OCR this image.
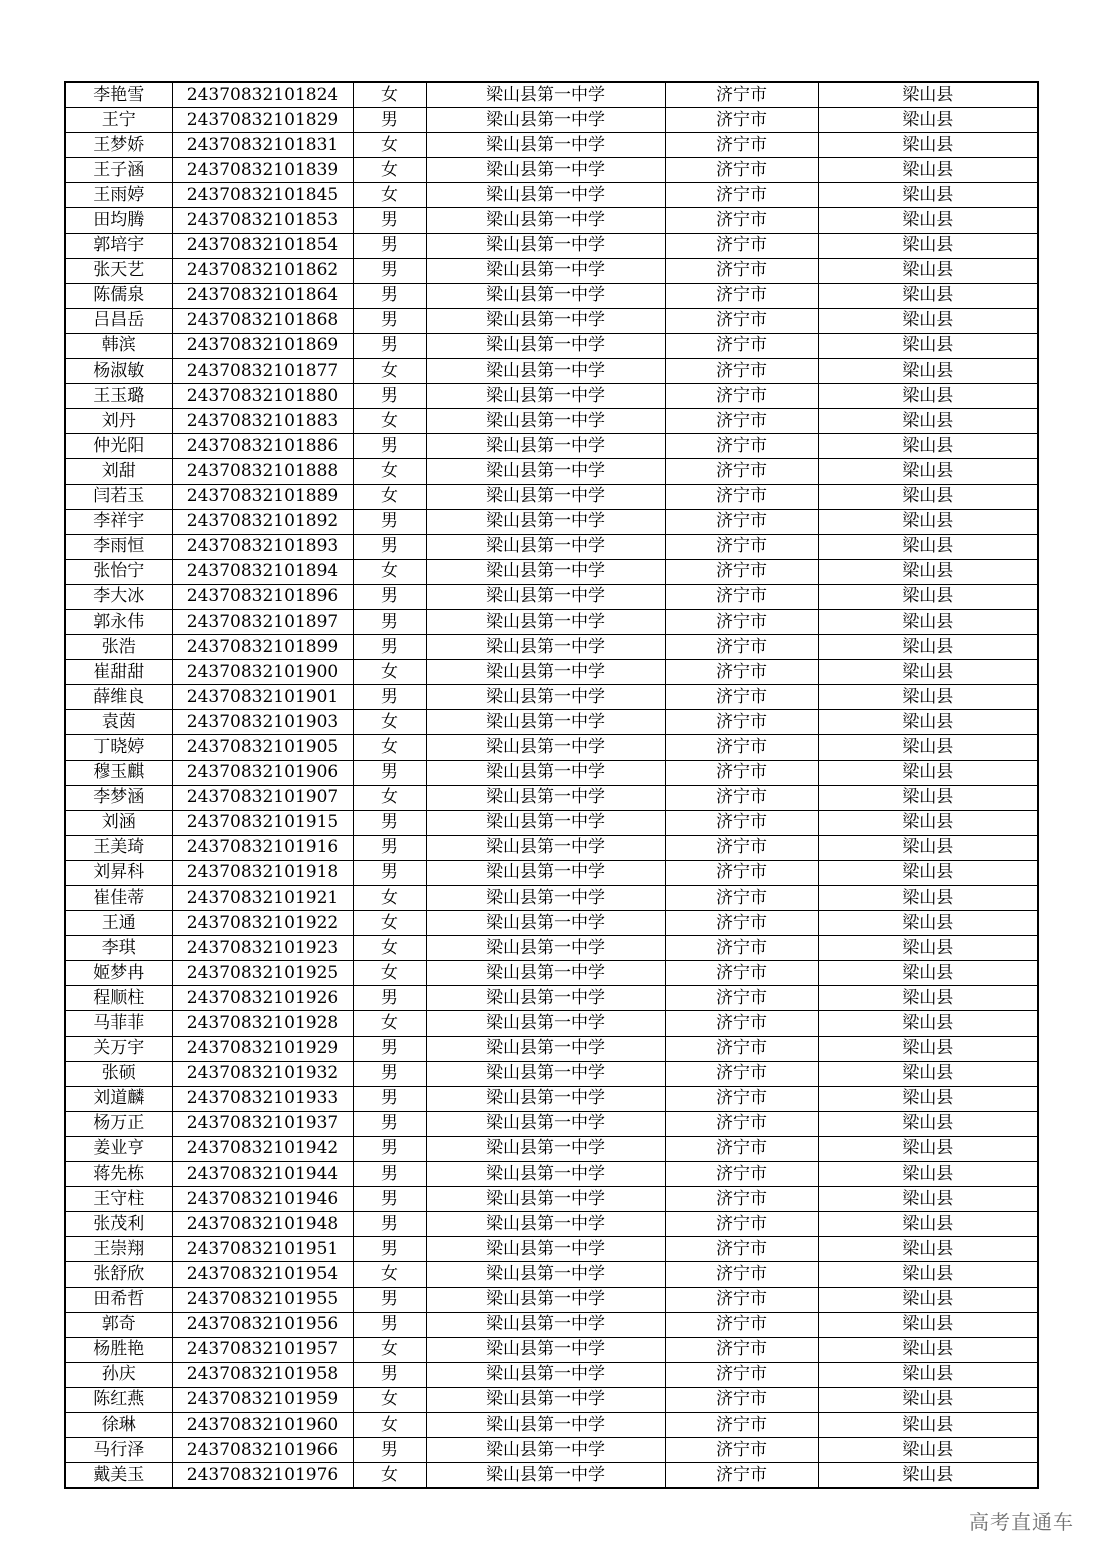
李艳雪	24370832101824	女	梁山县第一中学	济宁市	梁山县
王宁	24370832101829	男	梁山县第一中学	济宁市	梁山县
王梦娇	24370832101831	女	梁山县第一中学	济宁市	梁山县
王子涵	24370832101839	女	梁山县第一中学	济宁市	梁山县
王雨婷	24370832101845	女	梁山县第一中学	济宁市	梁山县
田均腾	24370832101853	男	梁山县第一中学	济宁市	梁山县
郭培宇	24370832101854	男	梁山县第一中学	济宁市	梁山县
张天艺	24370832101862	男	梁山县第一中学	济宁市	梁山县
陈儒泉	24370832101864	男	梁山县第一中学	济宁市	梁山县
吕昌岳	24370832101868	男	梁山县第一中学	济宁市	梁山县
韩滨	24370832101869	男	梁山县第一中学	济宁市	梁山县
杨淑敏	24370832101877	女	梁山县第一中学	济宁市	梁山县
王玉璐	24370832101880	男	梁山县第一中学	济宁市	梁山县
刘丹	24370832101883	女	梁山县第一中学	济宁市	梁山县
仲光阳	24370832101886	男	梁山县第一中学	济宁市	梁山县
刘甜	24370832101888	女	梁山县第一中学	济宁市	梁山县
闫若玉	24370832101889	女	梁山县第一中学	济宁市	梁山县
李祥宇	24370832101892	男	梁山县第一中学	济宁市	梁山县
李雨恒	24370832101893	男	梁山县第一中学	济宁市	梁山县
张怡宁	24370832101894	女	梁山县第一中学	济宁市	梁山县
李大冰	24370832101896	男	梁山县第一中学	济宁市	梁山县
郭永伟	24370832101897	男	梁山县第一中学	济宁市	梁山县
张浩	24370832101899	男	梁山县第一中学	济宁市	梁山县
崔甜甜	24370832101900	女	梁山县第一中学	济宁市	梁山县
薛维良	24370832101901	男	梁山县第一中学	济宁市	梁山县
袁茵	24370832101903	女	梁山县第一中学	济宁市	梁山县
丁晓婷	24370832101905	女	梁山县第一中学	济宁市	梁山县
穆玉麒	24370832101906	男	梁山县第一中学	济宁市	梁山县
李梦涵	24370832101907	女	梁山县第一中学	济宁市	梁山县
刘涵	24370832101915	男	梁山县第一中学	济宁市	梁山县
王美琦	24370832101916	男	梁山县第一中学	济宁市	梁山县
刘昇科	24370832101918	男	梁山县第一中学	济宁市	梁山县
崔佳蒂	24370832101921	女	梁山县第一中学	济宁市	梁山县
王通	24370832101922	女	梁山县第一中学	济宁市	梁山县
李琪	24370832101923	女	梁山县第一中学	济宁市	梁山县
姬梦冉	24370832101925	女	梁山县第一中学	济宁市	梁山县
程顺柱	24370832101926	男	梁山县第一中学	济宁市	梁山县
马菲菲	24370832101928	女	梁山县第一中学	济宁市	梁山县
关万宇	24370832101929	男	梁山县第一中学	济宁市	梁山县
张硕	24370832101932	男	梁山县第一中学	济宁市	梁山县
刘道麟	24370832101933	男	梁山县第一中学	济宁市	梁山县
杨万正	24370832101937	男	梁山县第一中学	济宁市	梁山县
姜业亨	24370832101942	男	梁山县第一中学	济宁市	梁山县
蒋先栋	24370832101944	男	梁山县第一中学	济宁市	梁山县
王守柱	24370832101946	男	梁山县第一中学	济宁市	梁山县
张茂利	24370832101948	男	梁山县第一中学	济宁市	梁山县
王崇翔	24370832101951	男	梁山县第一中学	济宁市	梁山县
张舒欣	24370832101954	女	梁山县第一中学	济宁市	梁山县
田希哲	24370832101955	男	梁山县第一中学	济宁市	梁山县
郭奇	24370832101956	男	梁山县第一中学	济宁市	梁山县
杨胜艳	24370832101957	女	梁山县第一中学	济宁市	梁山县
孙庆	24370832101958	男	梁山县第一中学	济宁市	梁山县
陈红燕	24370832101959	女	梁山县第一中学	济宁市	梁山县
徐琳	24370832101960	女	梁山县第一中学	济宁市	梁山县
马行泽	24370832101966	男	梁山县第一中学	济宁市	梁山县
戴美玉	24370832101976	女	梁山县第一中学	济宁市	梁山县
高考直通车
